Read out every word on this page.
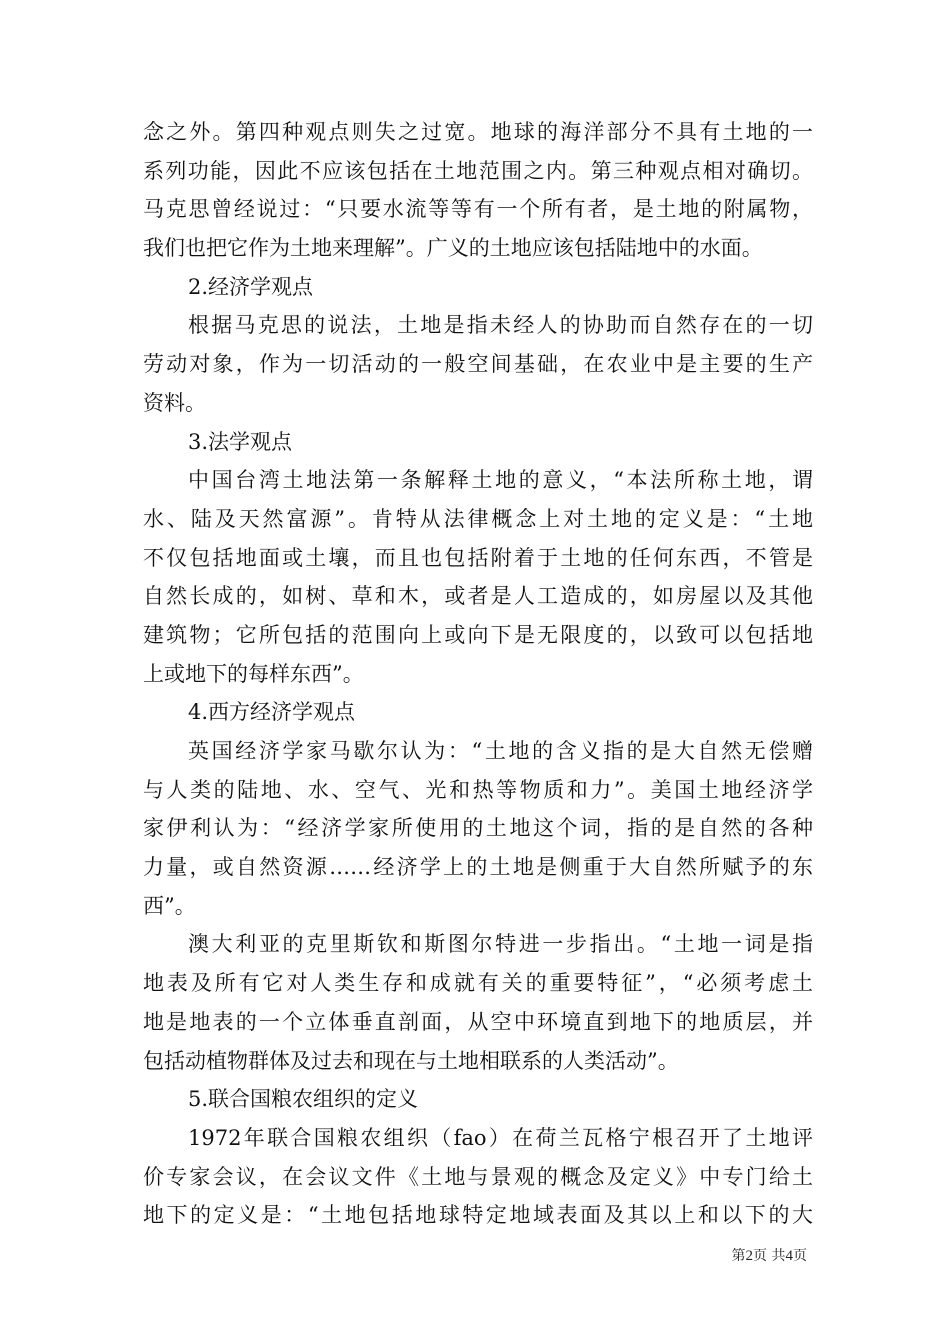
念之外。第四种观点则失之过宽。地球的海洋部分不具有土地的一
系列功能，因此不应该包括在土地范围之内。第三种观点相对确切。
马克思曾经说过：“只要水流等等有一个所有者，是土地的附属物，
我们也把它作为土地来理解”。广义的土地应该包括陆地中的水面。
2.经济学观点
根据马克思的说法，土地是指未经人的协助而自然存在的一切
劳动对象，作为一切活动的一般空间基础，在农业中是主要的生产
资料。
3.法学观点
中国台湾土地法第一条解释土地的意义，“本法所称土地，谓
水、陆及天然富源”。肯特从法律概念上对土地的定义是：“土地
不仅包括地面或土壤，而且也包括附着于土地的任何东西，不管是
自然长成的，如树、草和木，或者是人工造成的，如房屋以及其他
建筑物；它所包括的范围向上或向下是无限度的，以致可以包括地
上或地下的每样东西”。
4.西方经济学观点
英国经济学家马歇尔认为：“土地的含义指的是大自然无偿赠
与人类的陆地、水、空气、光和热等物质和力”。美国土地经济学
家伊利认为：“经济学家所使用的土地这个词，指的是自然的各种
力量，或自然资源……经济学上的土地是侧重于大自然所赋予的东
西”。
澳大利亚的克里斯钦和斯图尔特进一步指出。“土地一词是指
地表及所有它对人类生存和成就有关的重要特征”，“必须考虑土
地是地表的一个立体垂直剖面，从空中环境直到地下的地质层，并
包括动植物群体及过去和现在与土地相联系的人类活动”。
5.联合国粮农组织的定义
1972年联合国粮农组织（fao）在荷兰瓦格宁根召开了土地评
价专家会议，在会议文件《土地与景观的概念及定义》中专门给土
地下的定义是：“土地包括地球特定地域表面及其以上和以下的大
第2页 共4页
